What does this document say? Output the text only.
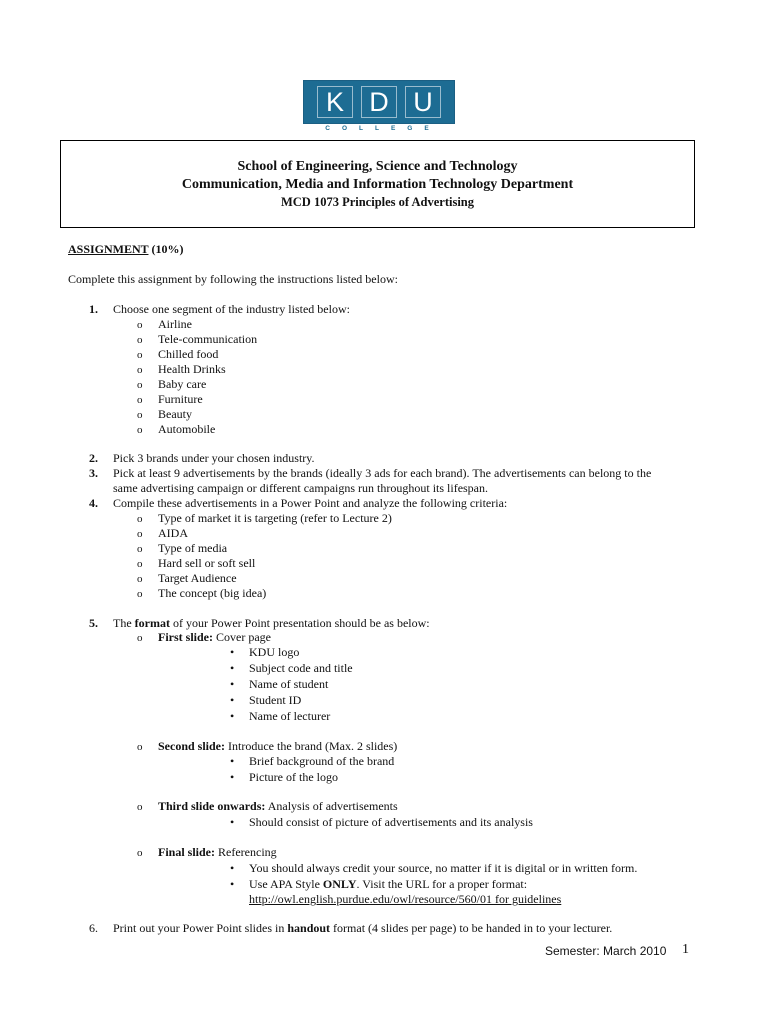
K D U
COLLEGE
School of Engineering, Science and Technology
Communication, Media and Information Technology Department
MCD 1073 Principles of Advertising
ASSIGNMENT (10%)
Complete this assignment by following the instructions listed below:
1. Choose one segment of the industry listed below:
o Airline
o Tele-communication
o Chilled food
o Health Drinks
o Baby care
o Furniture
o Beauty
o Automobile
2. Pick 3 brands under your chosen industry.
3. Pick at least 9 advertisements by the brands (ideally 3 ads for each brand). The advertisements can belong to the
same advertising campaign or different campaigns run throughout its lifespan.
4. Compile these advertisements in a Power Point and analyze the following criteria:
o Type of market it is targeting (refer to Lecture 2)
o AIDA
o Type of media
o Hard sell or soft sell
o Target Audience
o The concept (big idea)
5. The format of your Power Point presentation should be as below:
o First slide: Cover page
• KDU logo
• Subject code and title
• Name of student
• Student ID
• Name of lecturer
o Second slide: Introduce the brand (Max. 2 slides)
• Brief background of the brand
• Picture of the logo
o Third slide onwards: Analysis of advertisements
• Should consist of picture of advertisements and its analysis
o Final slide: Referencing
• You should always credit your source, no matter if it is digital or in written form.
• Use APA Style ONLY. Visit the URL for a proper format:
http://owl.english.purdue.edu/owl/resource/560/01 for guidelines
6. Print out your Power Point slides in handout format (4 slides per page) to be handed in to your lecturer.
Semester: March 2010 1
